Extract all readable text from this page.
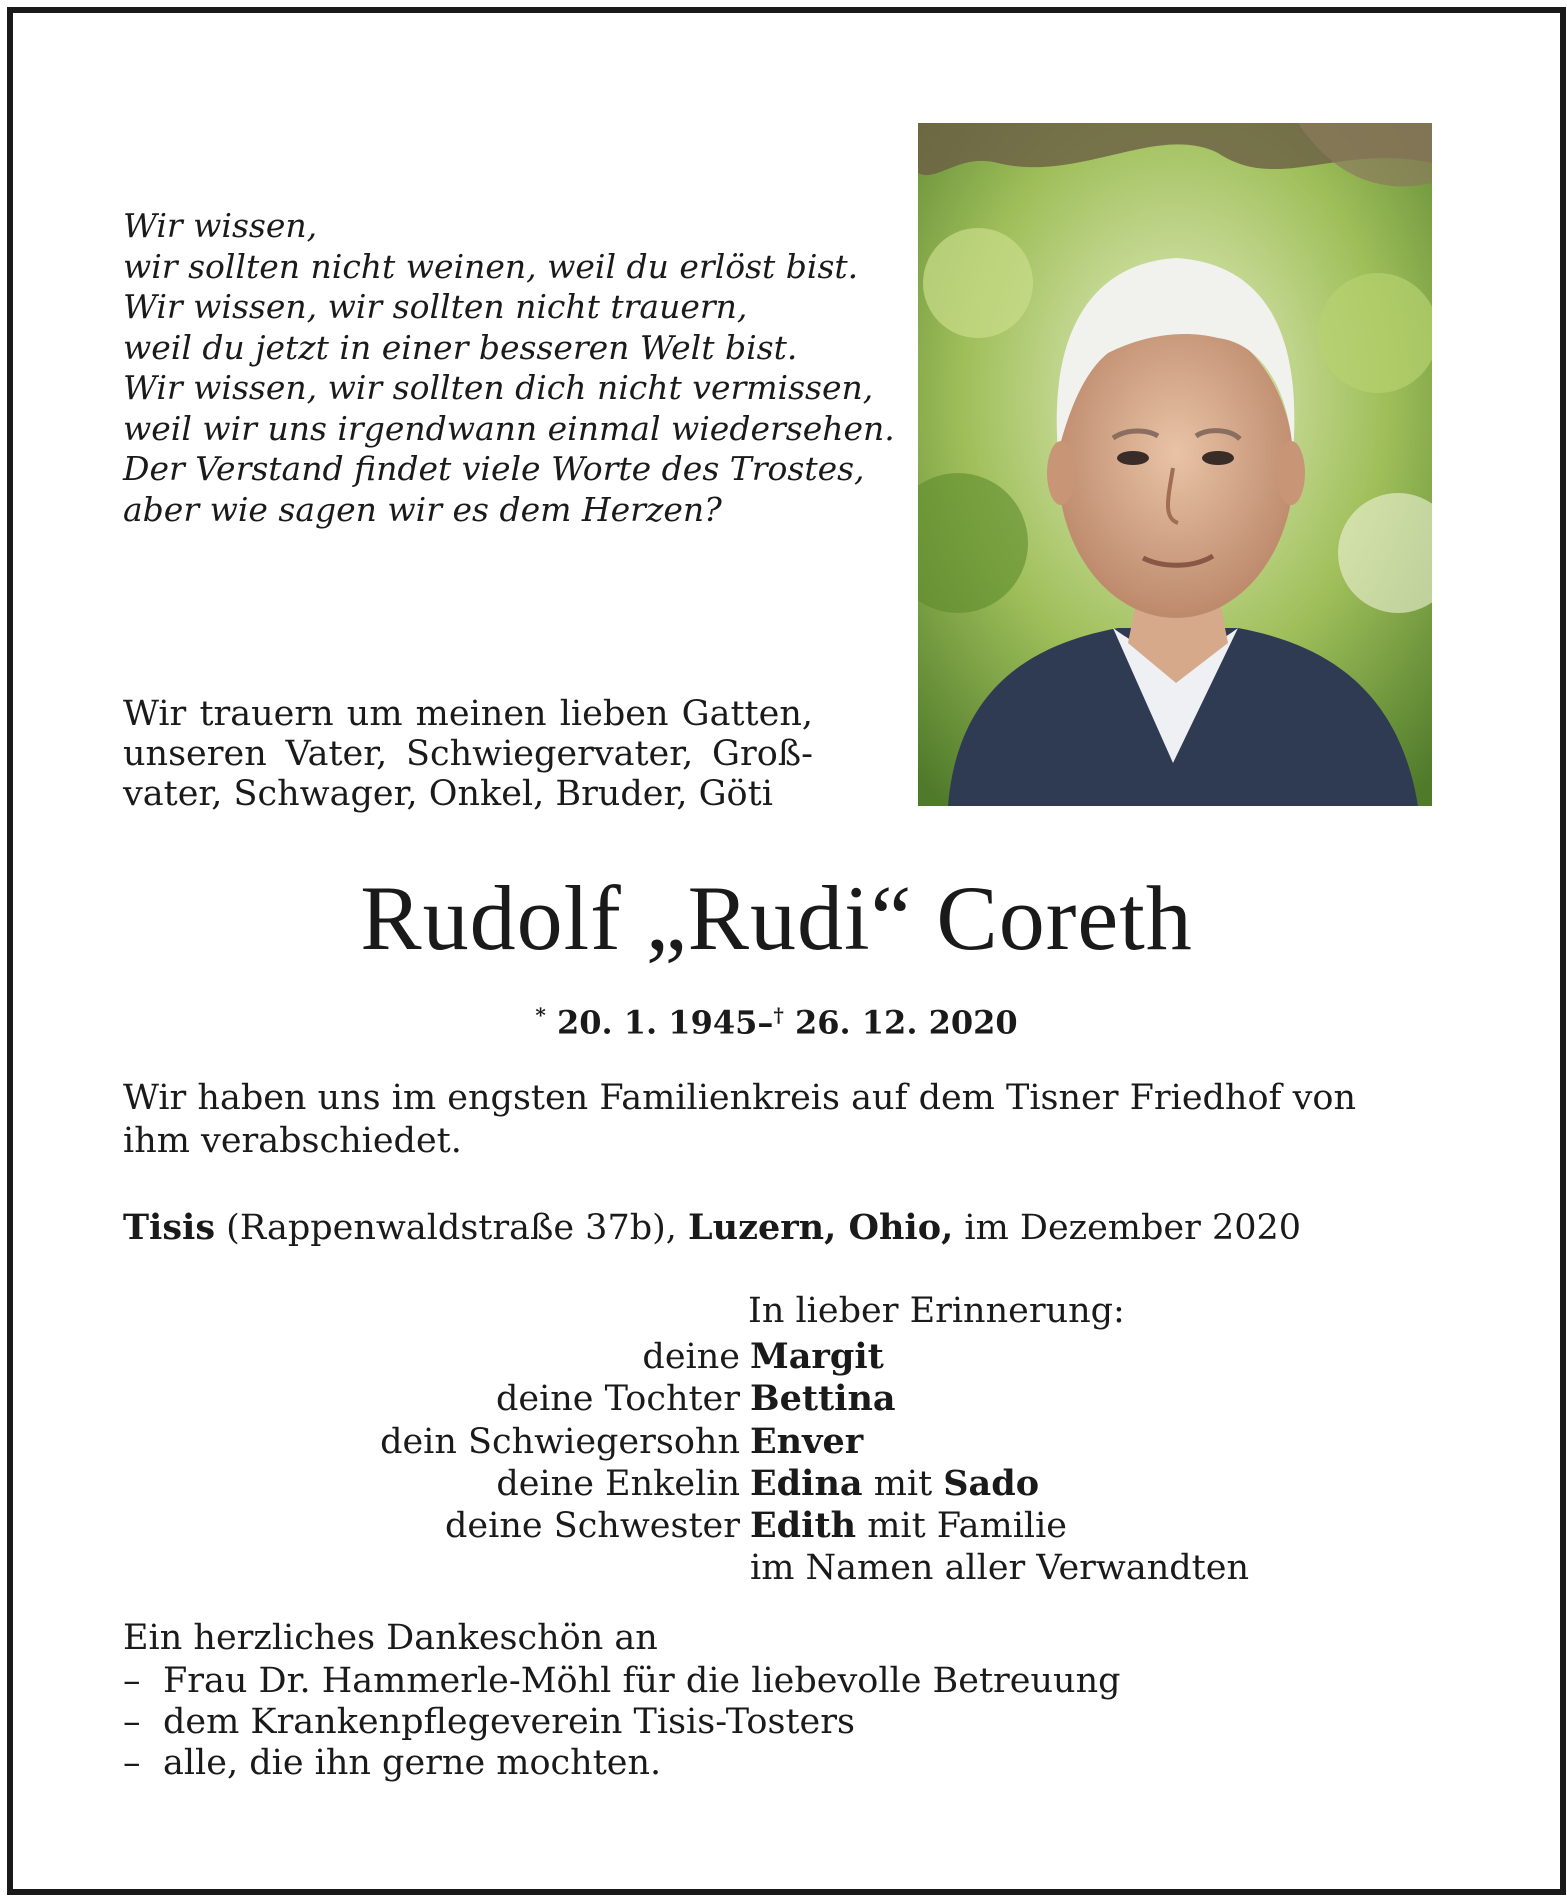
Wir wissen,
wir sollten nicht weinen, weil du erlöst bist.
Wir wissen, wir sollten nicht trauern,
weil du jetzt in einer besseren Welt bist.
Wir wissen, wir sollten dich nicht vermissen,
weil wir uns irgendwann einmal wiedersehen.
Der Verstand findet viele Worte des Trostes,
aber wie sagen wir es dem Herzen?
Wir trauern um meinen lieben Gatten,
unseren Vater, Schwiegervater, Groß-
vater, Schwager, Onkel, Bruder, Göti
Rudolf „Rudi“ Coreth
* 20. 1. 1945–† 26. 12. 2020
Wir haben uns im engsten Familienkreis auf dem Tisner Friedhof von ihm verabschiedet.
Tisis (Rappenwaldstraße 37b), Luzern, Ohio, im Dezember 2020
In lieber Erinnerung:
deine Margit
deine Tochter Bettina
dein Schwiegersohn Enver
deine Enkelin Edina mit Sado
deine Schwester Edith mit Familie
im Namen aller Verwandten
Ein herzliches Dankeschön an
– Frau Dr. Hammerle-Möhl für die liebevolle Betreuung
– dem Krankenpflegeverein Tisis-Tosters
– alle, die ihn gerne mochten.
